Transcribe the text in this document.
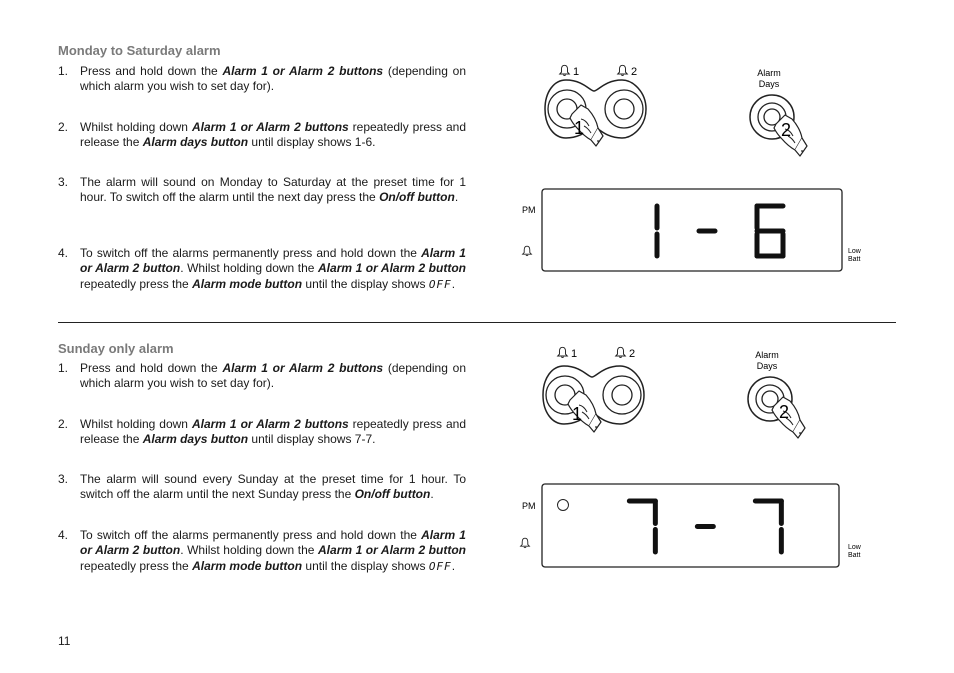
Monday to Saturday alarm
1. Press and hold down the Alarm 1 or Alarm 2 buttons (depending on which alarm you wish to set day for).
2. Whilst holding down Alarm 1 or Alarm 2 buttons repeatedly press and release the Alarm days button until display shows 1-6.
3. The alarm will sound on Monday to Saturday at the preset time for 1 hour. To switch off the alarm until the next day press the On/off button.
4. To switch off the alarms permanently press and hold down the Alarm 1 or Alarm 2 button. Whilst holding down the Alarm 1 or Alarm 2 button repeatedly press the Alarm mode button until the display shows OFF.
Sunday only alarm
1. Press and hold down the Alarm 1 or Alarm 2 buttons (depending on which alarm you wish to set day for).
2. Whilst holding down Alarm 1 or Alarm 2 buttons repeatedly press and release the Alarm days button until display shows 7-7.
3. The alarm will sound every Sunday at the preset time for 1 hour. To switch off the alarm until the next Sunday press the On/off button.
4. To switch off the alarms permanently press and hold down the Alarm 1 or Alarm 2 button. Whilst holding down the Alarm 1 or Alarm 2 button repeatedly press the Alarm mode button until the display shows OFF.
11
1	2
1
Alarm
Days
2
PM
Low
Batt
1	2
1
Alarm
Days
2
PM
Low
Batt
